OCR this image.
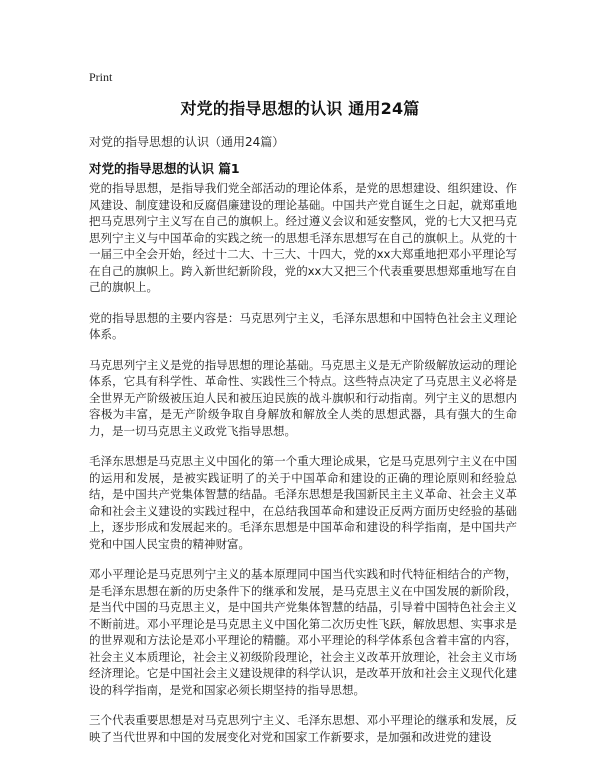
Print
对党的指导思想的认识 通用24篇

对党的指导思想的认识（通用24篇）

对党的指导思想的认识 篇1

党的指导思想，是指导我们党全部活动的理论体系，是党的思想建设、组织建设、作风建设、制度建设和反腐倡廉建设的理论基础。中国共产党自诞生之日起，就郑重地把马克思列宁主义写在自己的旗帜上。经过遵义会议和延安整风，党的七大又把马克思列宁主义与中国革命的实践之统一的思想毛泽东思想写在自己的旗帜上。从党的十一届三中全会开始，经过十二大、十三大、十四大，党的xx大郑重地把邓小平理论写在自己的旗帜上。跨入新世纪新阶段，党的xx大又把三个代表重要思想郑重地写在自己的旗帜上。

党的指导思想的主要内容是：马克思列宁主义，毛泽东思想和中国特色社会主义理论体系。

马克思列宁主义是党的指导思想的理论基础。马克思主义是无产阶级解放运动的理论体系，它具有科学性、革命性、实践性三个特点。这些特点决定了马克思主义必将是全世界无产阶级被压迫人民和被压迫民族的战斗旗帜和行动指南。列宁主义的思想内容极为丰富，是无产阶级争取自身解放和解放全人类的思想武器，具有强大的生命力，是一切马克思主义政党飞指导思想。

毛泽东思想是马克思主义中国化的第一个重大理论成果，它是马克思列宁主义在中国的运用和发展，是被实践证明了的关于中国革命和建设的正确的理论原则和经验总结，是中国共产党集体智慧的结晶。毛泽东思想是我国新民主主义革命、社会主义革命和社会主义建设的实践过程中，在总结我国革命和建设正反两方面历史经验的基础上，逐步形成和发展起来的。毛泽东思想是中国革命和建设的科学指南，是中国共产党和中国人民宝贵的精神财富。

邓小平理论是马克思列宁主义的基本原理同中国当代实践和时代特征相结合的产物，是毛泽东思想在新的历史条件下的继承和发展，是马克思主义在中国发展的新阶段，是当代中国的马克思主义，是中国共产党集体智慧的结晶，引导着中国特色社会主义不断前进。邓小平理论是马克思主义中国化第二次历史性飞跃，解放思想、实事求是的世界观和方法论是邓小平理论的精髓。邓小平理论的科学体系包含着丰富的内容，社会主义本质理论，社会主义初级阶段理论，社会主义改革开放理论，社会主义市场经济理论。它是中国社会主义建设规律的科学认识，是改革开放和社会主义现代化建设的科学指南，是党和国家必须长期坚持的指导思想。

三个代表重要思想是对马克思列宁主义、毛泽东思想、邓小平理论的继承和发展，反映了当代世界和中国的发展变化对党和国家工作新要求，是加强和改进党的建设
